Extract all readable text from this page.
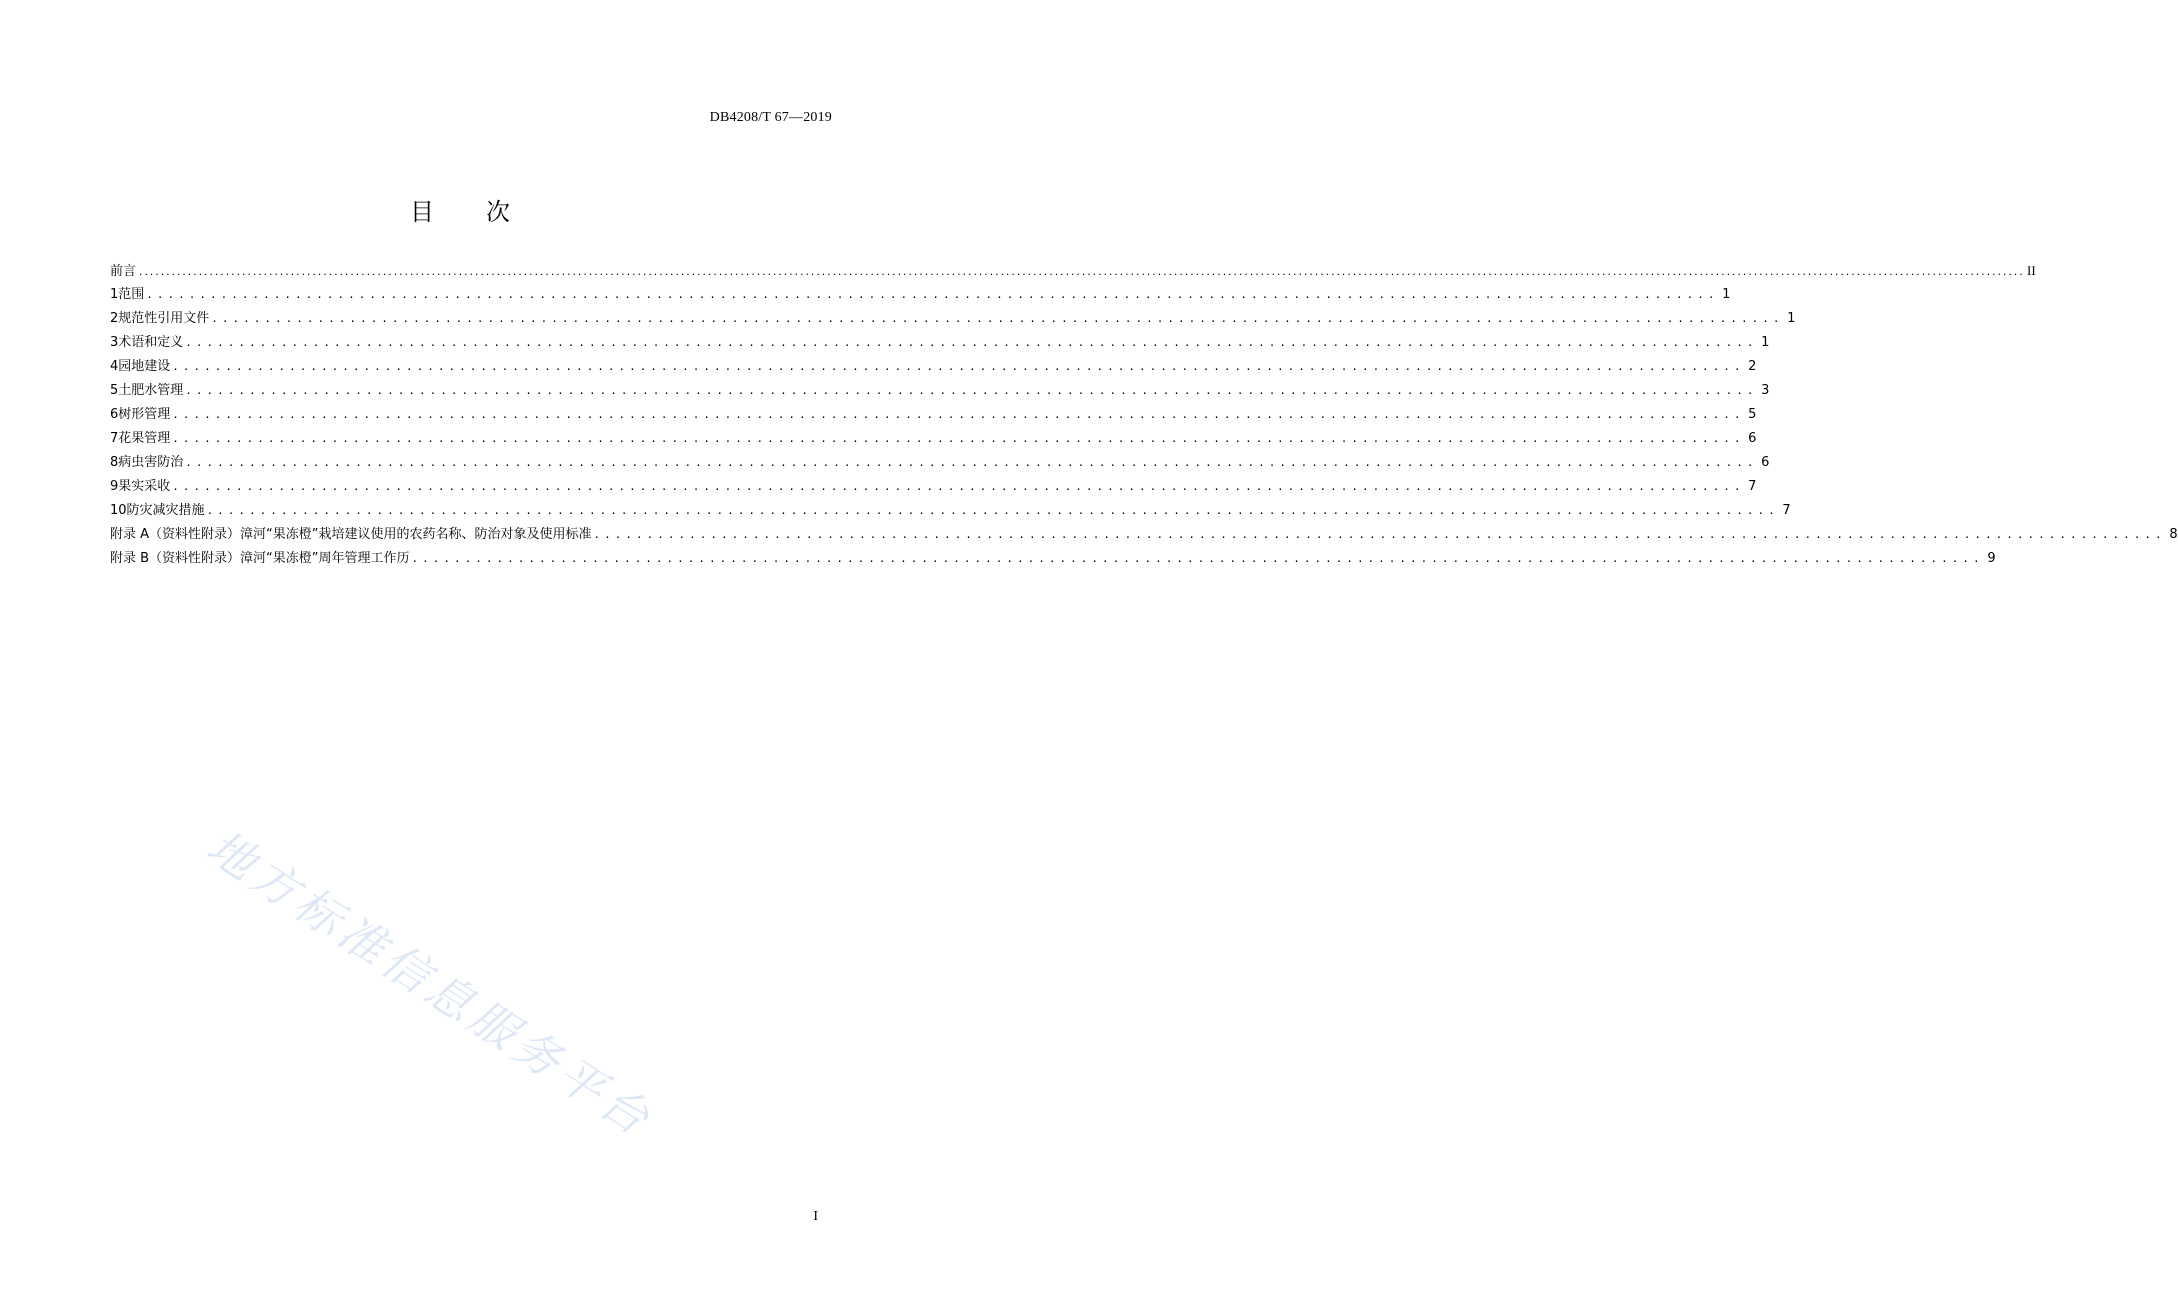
DB4208/T 67—2019
目 次
前 言 ............................................................................................................................................................................................................................................................................................................................................................ II
1 范围 .................................................................................................................................................... 1
2 规范性引用文件 .................................................................................................................................................... 1
3 术语和定义 .................................................................................................................................................... 1
4 园地建设 .................................................................................................................................................... 2
5 土肥水管理 .................................................................................................................................................... 3
6 树形管理 .................................................................................................................................................... 5
7 花果管理 .................................................................................................................................................... 6
8 病虫害防治 .................................................................................................................................................... 6
9 果实采收 .................................................................................................................................................... 7
10 防灾减灾措施 .................................................................................................................................................... 7
附录 A（资料性附录）漳河“果冻橙”栽培建议使用的农药名称、防治对象及使用标准 .................................................................................................................................................... 8
附录 B（资料性附录）漳河“果冻橙”周年管理工作历 .................................................................................................................................................... 9
地方标准信息服务平台
I
